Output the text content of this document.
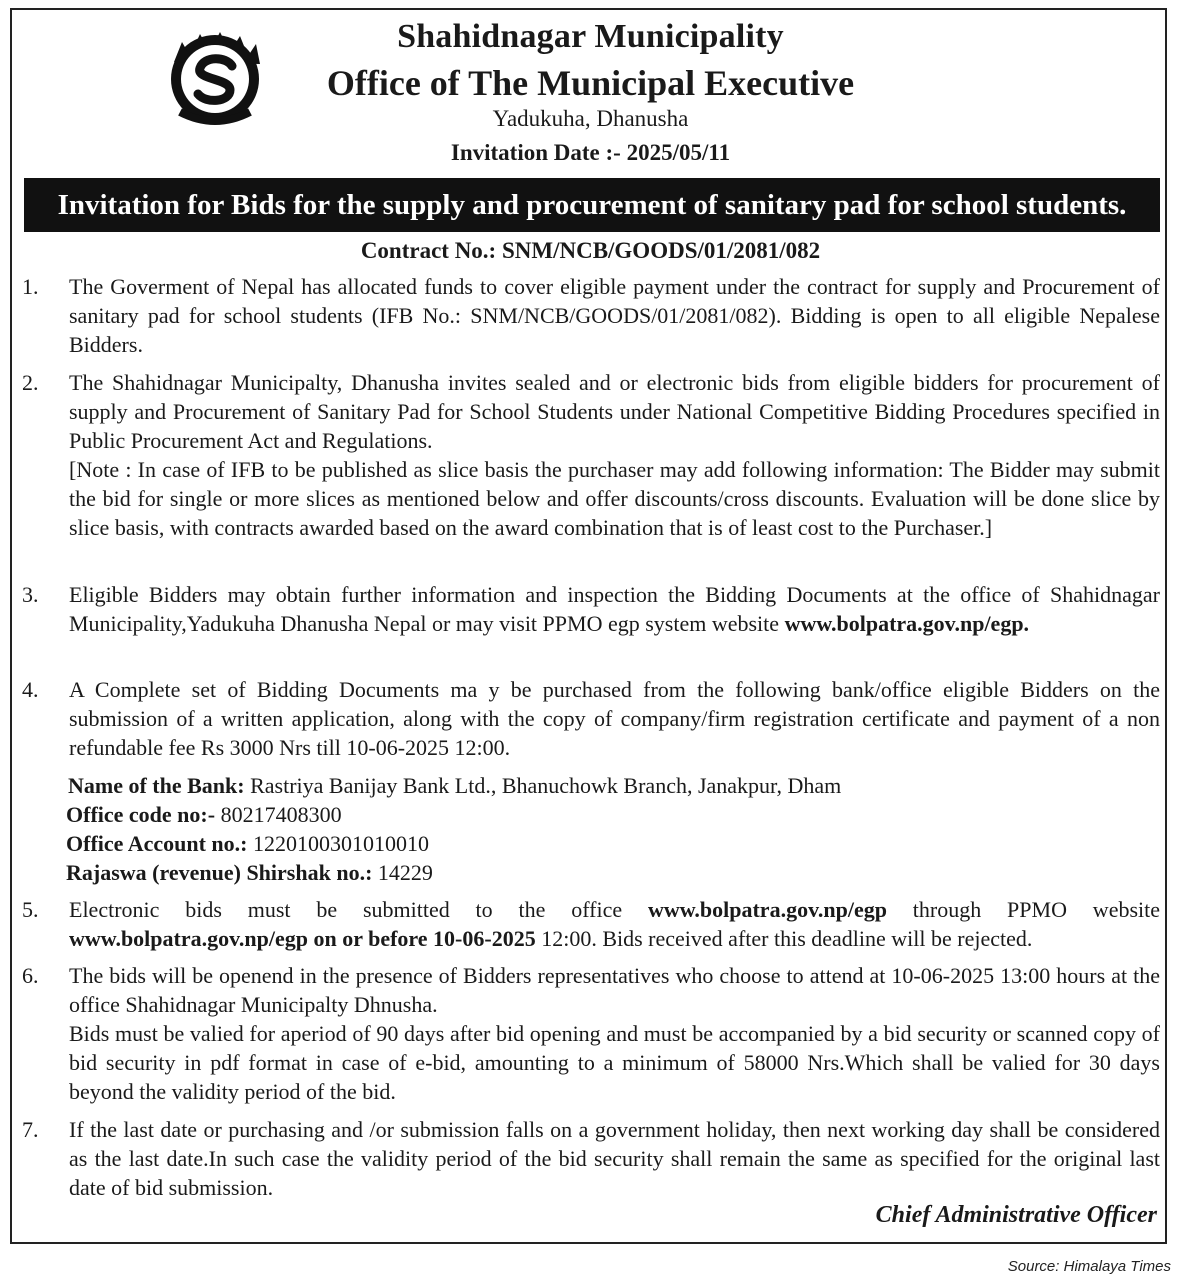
Shahidnagar Municipality
Office of The Municipal Executive
Yadukuha, Dhanusha
Invitation Date :- 2025/05/11
Invitation for Bids for the supply and procurement of sanitary pad for school students.
Contract No.: SNM/NCB/GOODS/01/2081/082
1.	The Goverment of Nepal has allocated funds to cover eligible payment under the contract for supply and Procurement of sanitary pad for school students (IFB No.: SNM/NCB/GOODS/01/2081/082). Bidding is open to all eligible Nepalese Bidders.

2.	The Shahidnagar Municipalty, Dhanusha invites sealed and or electronic bids from eligible bidders for procurement of supply and Procurement of Sanitary Pad for School Students under National Competitive Bidding Procedures specified in Public Procurement Act and Regulations.

[Note : In case of IFB to be published as slice basis the purchaser may add following information: The Bidder may submit the bid for single or more slices as mentioned below and offer discounts/cross discounts. Evaluation will be done slice by slice basis, with contracts awarded based on the award combination that is of least cost to the Purchaser.]

3.	Eligible Bidders may obtain further information and inspection the Bidding Documents at the office of Shahidnagar Municipality,Yadukuha Dhanusha Nepal or may visit PPMO egp system website www.bolpatra.gov.np/egp.
4.	A Complete set of Bidding Documents ma y be purchased from the following bank/office eligible Bidders on the submission of a written application, along with the copy of company/firm registration certificate and payment of a non refundable fee Rs 3000 Nrs till 10-06-2025 12:00.

Name of the Bank: Rastriya Banijay Bank Ltd., Bhanuchowk Branch, Janakpur, Dham
Office code no:- 80217408300
Office Account no.: 1220100301010010
Rajaswa (revenue) Shirshak no.: 14229
5.	Electronic bids must be submitted to the office www.bolpatra.gov.np/egp through PPMO website www.bolpatra.gov.np/egp on or before 10-06-2025 12:00. Bids received after this deadline will be rejected.
6.	The bids will be openend in the presence of Bidders representatives who choose to attend at 10-06-2025 13:00 hours at the office Shahidnagar Municipalty Dhnusha.

Bids must be valied for aperiod of 90 days after bid opening and must be accompanied by a bid security or scanned copy of bid security in pdf format in case of e-bid, amounting to a minimum of 58000 Nrs.Which shall be valied for 30 days beyond the validity period of the bid.

7.	If the last date or purchasing and /or submission falls on a government holiday, then next working day shall be considered as the last date.In such case the validity period of the bid security shall remain the same as specified for the original last date of bid submission.

Chief Administrative Officer
Source: Himalaya Times
